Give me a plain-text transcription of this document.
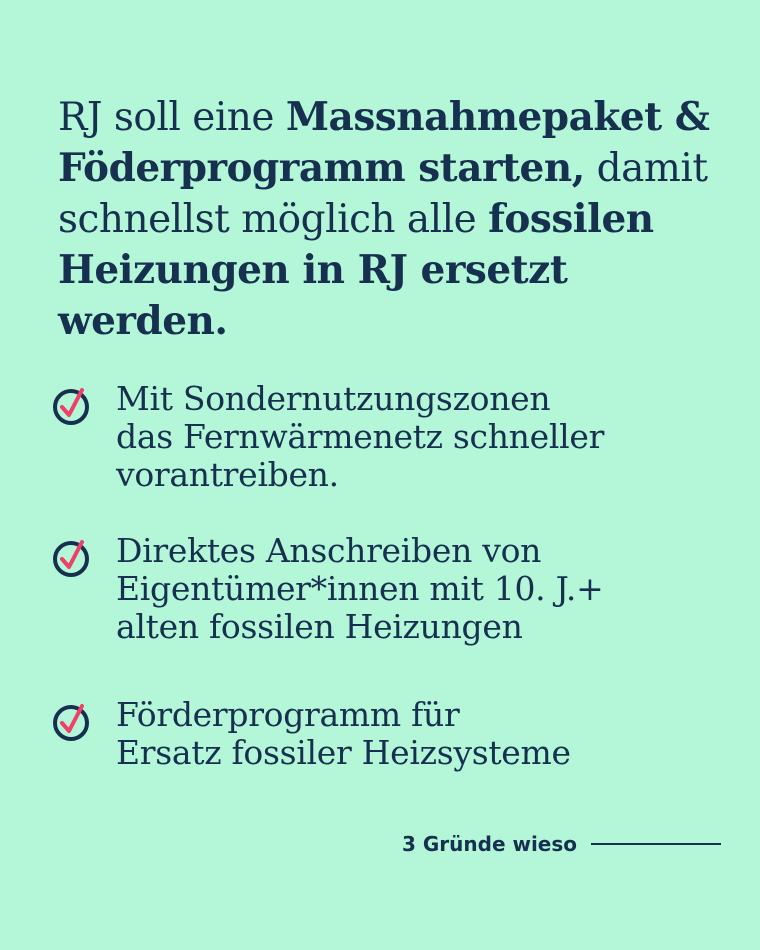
RJ soll eine Massnahmepaket & Föderprogramm starten, damit schnellst möglich alle fossilen Heizungen in RJ ersetzt werden.
Mit Sondernutzungszonen
das Fernwärmenetz schneller
vorantreiben.
Direktes Anschreiben von
Eigentümer*innen mit 10. J.+
alten fossilen Heizungen
Förderprogramm für
Ersatz fossiler Heizsysteme
3 Gründe wieso
